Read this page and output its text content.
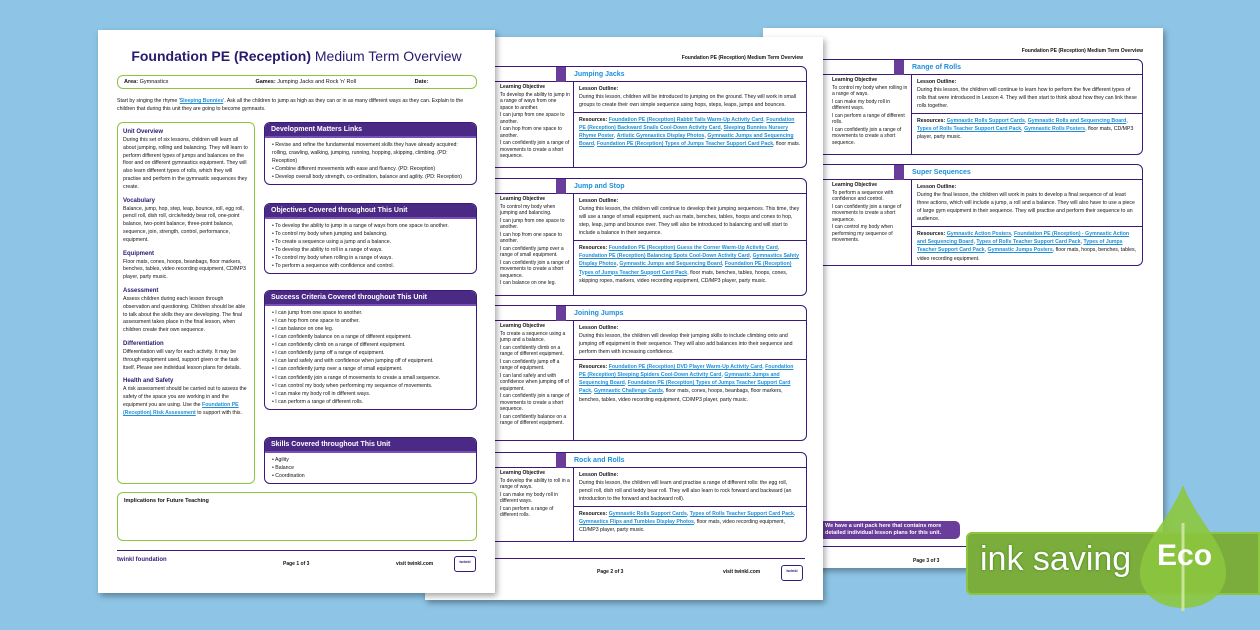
Foundation PE (Reception) Medium Term Overview
Range of Rolls
Learning Objective

To control my body when rolling in a range of ways.

I can make my body roll in different ways.

I can perform a range of different rolls.

I can confidently join a range of movements to create a short sequence.

Lesson Outline:
During this lesson, the children will continue to learn how to perform the five different types of rolls that were introduced in Lesson 4. They will then start to think about how they can link these rolls together.
Resources: Gymnastic Rolls Support Cards, Gymnastic Rolls and Sequencing Board, Types of Rolls Teacher Support Card Pack, Gymnastic Rolls Posters, floor mats, CD/MP3 player, party music.
Super Sequences
Learning Objective

To perform a sequence with confidence and control.

I can confidently join a range of movements to create a short sequence.

I can control my body when performing my sequence of movements.

Lesson Outline:
During the final lesson, the children will work in pairs to develop a final sequence of at least three actions, which will include a jump, a roll and a balance. They will also have to use a piece of large gym equipment in their sequence. They will practise and perform their sequence to an audience.
Resources: Gymnastic Action Posters, Foundation PE (Reception) - Gymnastic Action and Sequencing Board, Types of Rolls Teacher Support Card Pack, Types of Jumps Teacher Support Card Pack, Gymnastic Jumps Posters, floor mats, hoops, benches, tables, video recording equipment.
We have a unit pack here that contains more detailed individual lesson plans for this unit.
Page 3 of 3
Foundation PE (Reception) Medium Term Overview
Jumping Jacks
Learning Objective

To develop the ability to jump in a range of ways from one space to another.

I can jump from one space to another.

I can hop from one space to another.

I can confidently join a range of movements to create a short sequence.

Lesson Outline:
During this lesson, children will be introduced to jumping on the ground. They will work in small groups to create their own simple sequence using hops, steps, leaps, jumps and bounces.
Resources: Foundation PE (Reception) Rabbit Tails Warm-Up Activity Card, Foundation PE (Reception) Backward Snails Cool-Down Activity Card, Sleeping Bunnies Nursery Rhyme Poster, Artistic Gymnastics Display Photos, Gymnastic Jumps and Sequencing Board, Foundation PE (Reception) Types of Jumps Teacher Support Card Pack, floor mats.
Jump and Stop
Learning Objective

To control my body when jumping and balancing.

I can jump from one space to another.

I can hop from one space to another.

I can confidently jump over a range of small equipment.

I can confidently join a range of movements to create a short sequence.

I can balance on one leg.

Lesson Outline:
During this lesson, the children will continue to develop their jumping sequences. This time, they will use a range of small equipment, such as mats, benches, tables, hoops and cones to hop, step, leap, jump and bounce over. They will also be introduced to balancing and will start to include a balance in their sequence.
Resources: Foundation PE (Reception) Guess the Corner Warm-Up Activity Card, Foundation PE (Reception) Balancing Spots Cool-Down Activity Card, Gymnastics Safety Display Photos, Gymnastic Jumps and Sequencing Board, Foundation PE (Reception) Types of Jumps Teacher Support Card Pack, floor mats, benches, tables, hoops, cones, skipping ropes, markers, video recording equipment, CD/MP3 player, party music.
Joining Jumps
Learning Objective

To create a sequence using a jump and a balance.

I can confidently climb on a range of different equipment.

I can confidently jump off a range of equipment.

I can land safely and with confidence when jumping off of equipment.

I can confidently join a range of movements to create a short sequence.

I can confidently balance on a range of different equipment.

Lesson Outline:
During this lesson, the children will develop their jumping skills to include climbing onto and jumping off equipment in their sequence. They will also add balances into their sequence and perform them with increasing confidence.
Resources: Foundation PE (Reception) DVD Player Warm-Up Activity Card, Foundation PE (Reception) Sleeping Spiders Cool-Down Activity Card, Gymnastic Jumps and Sequencing Board, Foundation PE (Reception) Types of Jumps Teacher Support Card Pack, Gymnastic Challenge Cards, floor mats, cones, hoops, beanbags, floor markers, benches, tables, video recording equipment, CD/MP3 player, party music.
Rock and Rolls
Learning Objective

To develop the ability to roll in a range of ways.

I can make my body roll in different ways.

I can perform a range of different rolls.

Lesson Outline:
During this lesson, the children will learn and practise a range of different rolls: the egg roll, pencil roll, dish roll and teddy bear roll. They will also learn to rock forward and backward (an introduction to the forward and backward roll).
Resources: Gymnastic Rolls Support Cards, Types of Rolls Teacher Support Card Pack, Gymnastics Flips and Tumbles Display Photos, floor mats, video recording equipment, CD/MP3 player, party music.
Page 2 of 3	visit twinkl.com	twinkl
Foundation PE (Reception) Medium Term Overview
Area: Gymnastics	Games: Jumping Jacks and Rock 'n' Roll	Date:
Start by singing the rhyme 'Sleeping Bunnies'. Ask all the children to jump as high as they can or in as many different ways as they can. Explain to the children that during this unit they are going to become gymnasts.
Unit Overview

During this set of six lessons, children will learn all about jumping, rolling and balancing. They will learn to perform different types of jumps and balances on the floor and on different gymnastics equipment. They will also learn different types of rolls, which they will practise and perform in the gymnastic sequences they create.

Vocabulary

Balance, jump, hop, step, leap, bounce, roll, egg roll, pencil roll, dish roll, circle/teddy bear roll, one-point balance, two-point balance, three-point balance, sequence, join, strength, control, performance, equipment.

Equipment

Floor mats, cones, hoops, beanbags, floor markers, benches, tables, video recording equipment, CD/MP3 player, party music.

Assessment

Assess children during each lesson through observation and questioning. Children should be able to talk about the skills they are developing. The final assessment takes place in the final lesson, when children create their own sequence.

Differentiation

Differentiation will vary for each activity. It may be through equipment used, support given or the task itself. Please see individual lesson plans for details.

Health and Safety

A risk assessment should be carried out to assess the safety of the space you are working in and the equipment you are using. Use the Foundation PE (Reception) Risk Assessment to support with this.

Development Matters Links
• Revise and refine the fundamental movement skills they have already acquired: rolling, crawling, walking, jumping, running, hopping, skipping, climbing. (PD: Reception)
• Combine different movements with ease and fluency. (PD: Reception)
• Develop overall body strength, co-ordination, balance and agility. (PD: Reception)
Objectives Covered throughout This Unit
• To develop the ability to jump in a range of ways from one space to another.
• To control my body when jumping and balancing.
• To create a sequence using a jump and a balance.
• To develop the ability to roll in a range of ways.
• To control my body when rolling in a range of ways.
• To perform a sequence with confidence and control.
Success Criteria Covered throughout This Unit
• I can jump from one space to another.
• I can hop from one space to another.
• I can balance on one leg.
• I can confidently balance on a range of different equipment.
• I can confidently climb on a range of different equipment.
• I can confidently jump off a range of equipment.
• I can land safely and with confidence when jumping off of equipment.
• I can confidently jump over a range of small equipment.
• I can confidently join a range of movements to create a small sequence.
• I can control my body when performing my sequence of movements.
• I can make my body roll in different ways.
• I can perform a range of different rolls.
Skills Covered throughout This Unit
• Agility
• Balance
• Coordination
Implications for Future Teaching
twinkl foundation
Page 1 of 3	visit twinkl.com	twinkl	ink saving Eco
